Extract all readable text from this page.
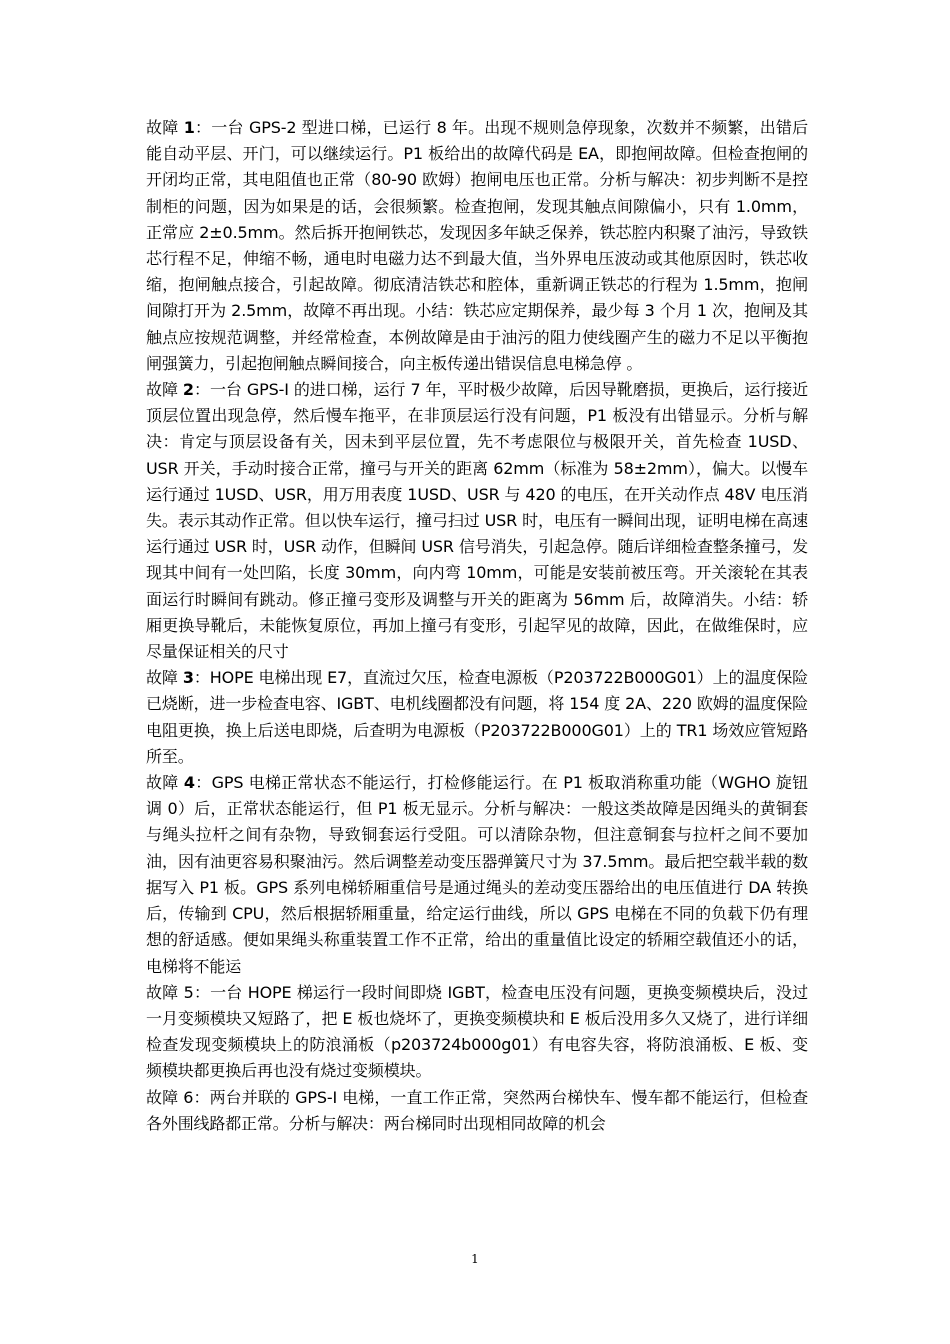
故障 1：一台 GPS-2 型进口梯，已运行 8 年。出现不规则急停现象，次数并不频繁，出错后能自动平层、开门，可以继续运行。P1 板给出的故障代码是 EA，即抱闸故障。但检查抱闸的开闭均正常，其电阻值也正常（80-90 欧姆）抱闸电压也正常。分析与解决：初步判断不是控制柜的问题，因为如果是的话，会很频繁。检查抱闸，发现其触点间隙偏小，只有 1.0mm，正常应 2±0.5mm。然后拆开抱闸铁芯，发现因多年缺乏保养，铁芯腔内积聚了油污，导致铁芯行程不足，伸缩不畅，通电时电磁力达不到最大值，当外界电压波动或其他原因时，铁芯收缩，抱闸触点接合，引起故障。彻底清洁铁芯和腔体，重新调正铁芯的行程为 1.5mm，抱闸间隙打开为 2.5mm，故障不再出现。小结：铁芯应定期保养，最少每 3 个月 1 次，抱闸及其触点应按规范调整，并经常检查，本例故障是由于油污的阻力使线圈产生的磁力不足以平衡抱闸强簧力，引起抱闸触点瞬间接合，向主板传递出错误信息电梯急停 。

故障 2：一台 GPS-I 的进口梯，运行 7 年，平时极少故障，后因导靴磨损，更换后，运行接近顶层位置出现急停，然后慢车拖平，在非顶层运行没有问题，P1 板没有出错显示。分析与解决：肯定与顶层设备有关，因未到平层位置，先不考虑限位与极限开关，首先检查 1USD、USR 开关，手动时接合正常，撞弓与开关的距离 62mm（标准为 58±2mm），偏大。以慢车运行通过 1USD、USR，用万用表度 1USD、USR 与 420 的电压，在开关动作点 48V 电压消失。表示其动作正常。但以快车运行，撞弓扫过 USR 时，电压有一瞬间出现，证明电梯在高速运行通过 USR 时，USR 动作，但瞬间 USR 信号消失，引起急停。随后详细检查整条撞弓，发现其中间有一处凹陷，长度 30mm，向内弯 10mm，可能是安装前被压弯。开关滚轮在其表面运行时瞬间有跳动。修正撞弓变形及调整与开关的距离为 56mm 后，故障消失。小结：轿厢更换导靴后，未能恢复原位，再加上撞弓有变形，引起罕见的故障，因此，在做维保时，应尽量保证相关的尺寸

故障 3：HOPE 电梯出现 E7，直流过欠压，检查电源板（P203722B000G01）上的温度保险已烧断，进一步检查电容、IGBT、电机线圈都没有问题，将 154 度 2A、220 欧姆的温度保险电阻更换，换上后送电即烧，后查明为电源板（P203722B000G01）上的 TR1 场效应管短路所至。

故障 4：GPS 电梯正常状态不能运行，打检修能运行。在 P1 板取消称重功能（WGHO 旋钮调 0）后，正常状态能运行，但 P1 板无显示。分析与解决：一般这类故障是因绳头的黄铜套与绳头拉杆之间有杂物，导致铜套运行受阻。可以清除杂物，但注意铜套与拉杆之间不要加油，因有油更容易积聚油污。然后调整差动变压器弹簧尺寸为 37.5mm。最后把空载半载的数据写入 P1 板。GPS 系列电梯轿厢重信号是通过绳头的差动变压器给出的电压值进行 DA 转换后，传输到 CPU，然后根据轿厢重量，给定运行曲线，所以 GPS 电梯在不同的负载下仍有理想的舒适感。便如果绳头称重装置工作不正常，给出的重量值比设定的轿厢空载值还小的话，电梯将不能运

故障 5：一台 HOPE 梯运行一段时间即烧 IGBT，检查电压没有问题，更换变频模块后，没过一月变频模块又短路了，把 E 板也烧坏了，更换变频模块和 E 板后没用多久又烧了，进行详细检查发现变频模块上的防浪涌板（p203724b000g01）有电容失容，将防浪涌板、E 板、变频模块都更换后再也没有烧过变频模块。

故障 6：两台并联的 GPS-I 电梯，一直工作正常，突然两台梯快车、慢车都不能运行，但检查各外围线路都正常。分析与解决：两台梯同时出现相同故障的机会

1
